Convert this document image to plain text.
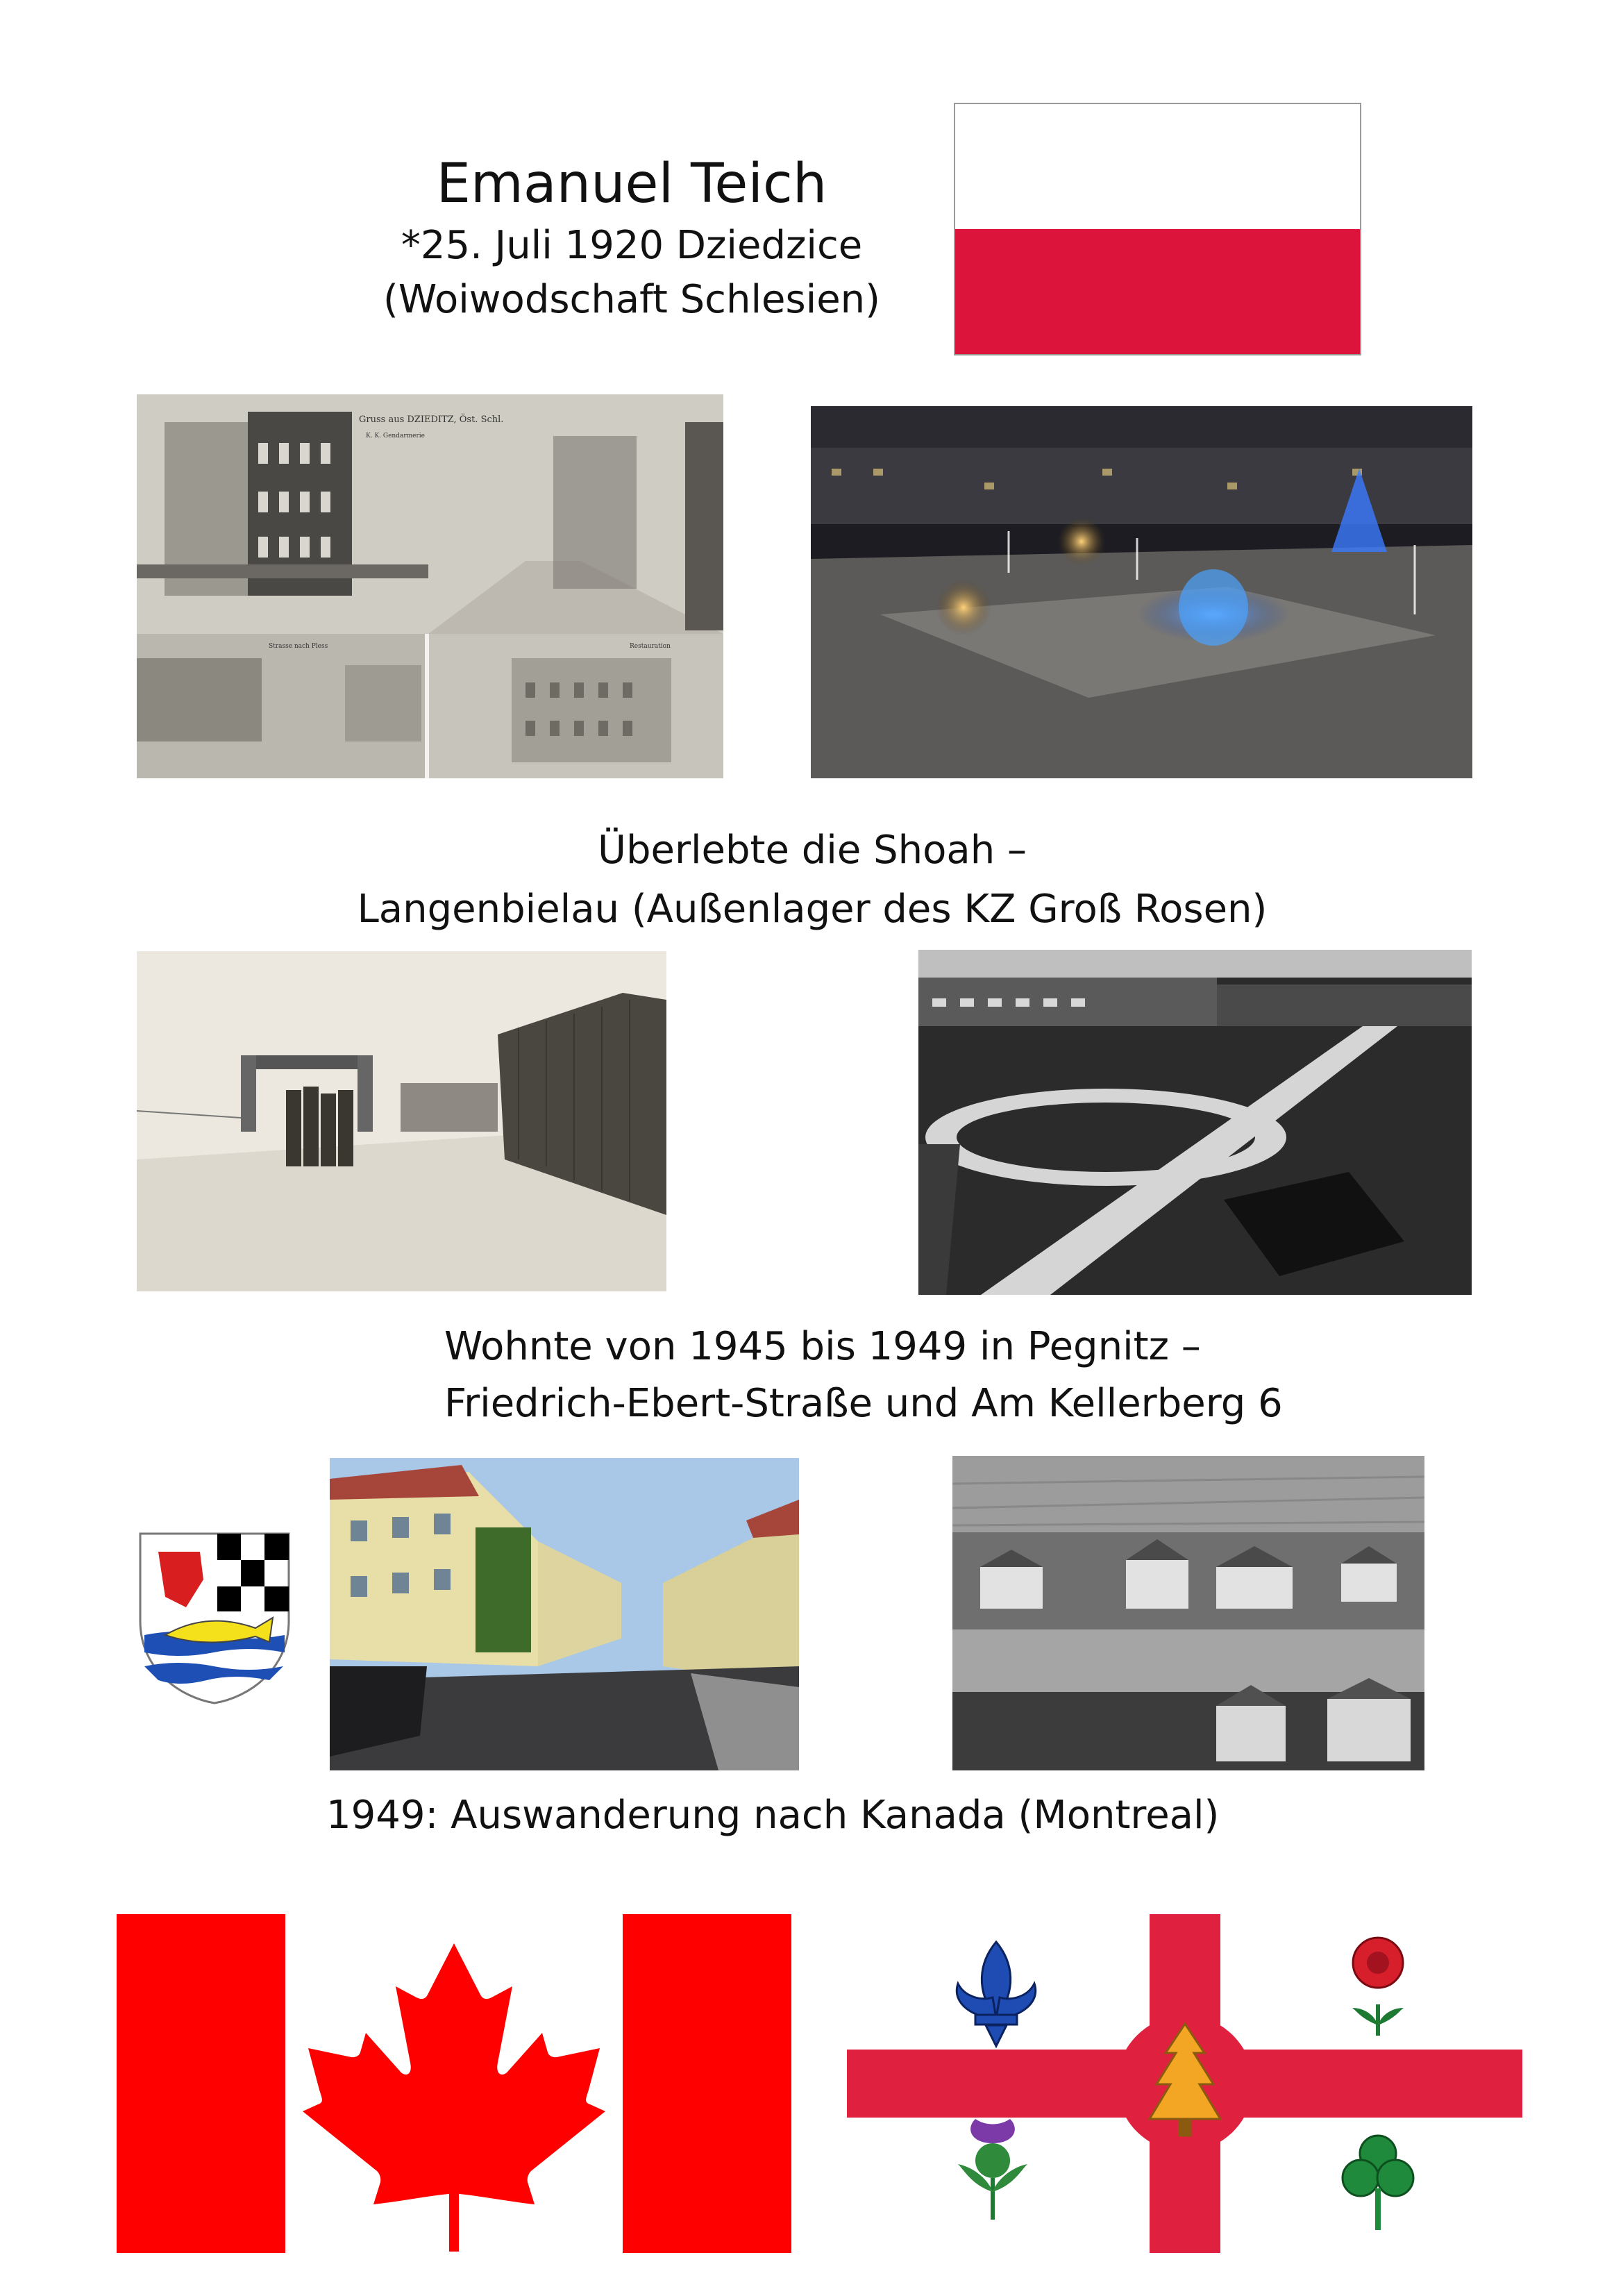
Emanuel Teich
*25. Juli 1920 Dziedzice
(Woiwodschaft Schlesien)
Gruss aus DZIEDITZ, Öst. Schl.
K. K. Gendarmerie
Strasse nach Pless	Restauration
Überlebte die Shoah –
Langenbielau (Außenlager des KZ Groß Rosen)
Wohnte von 1945 bis 1949 in Pegnitz –
Friedrich-Ebert-Straße und Am Kellerberg 6
1949: Auswanderung nach Kanada (Montreal)
